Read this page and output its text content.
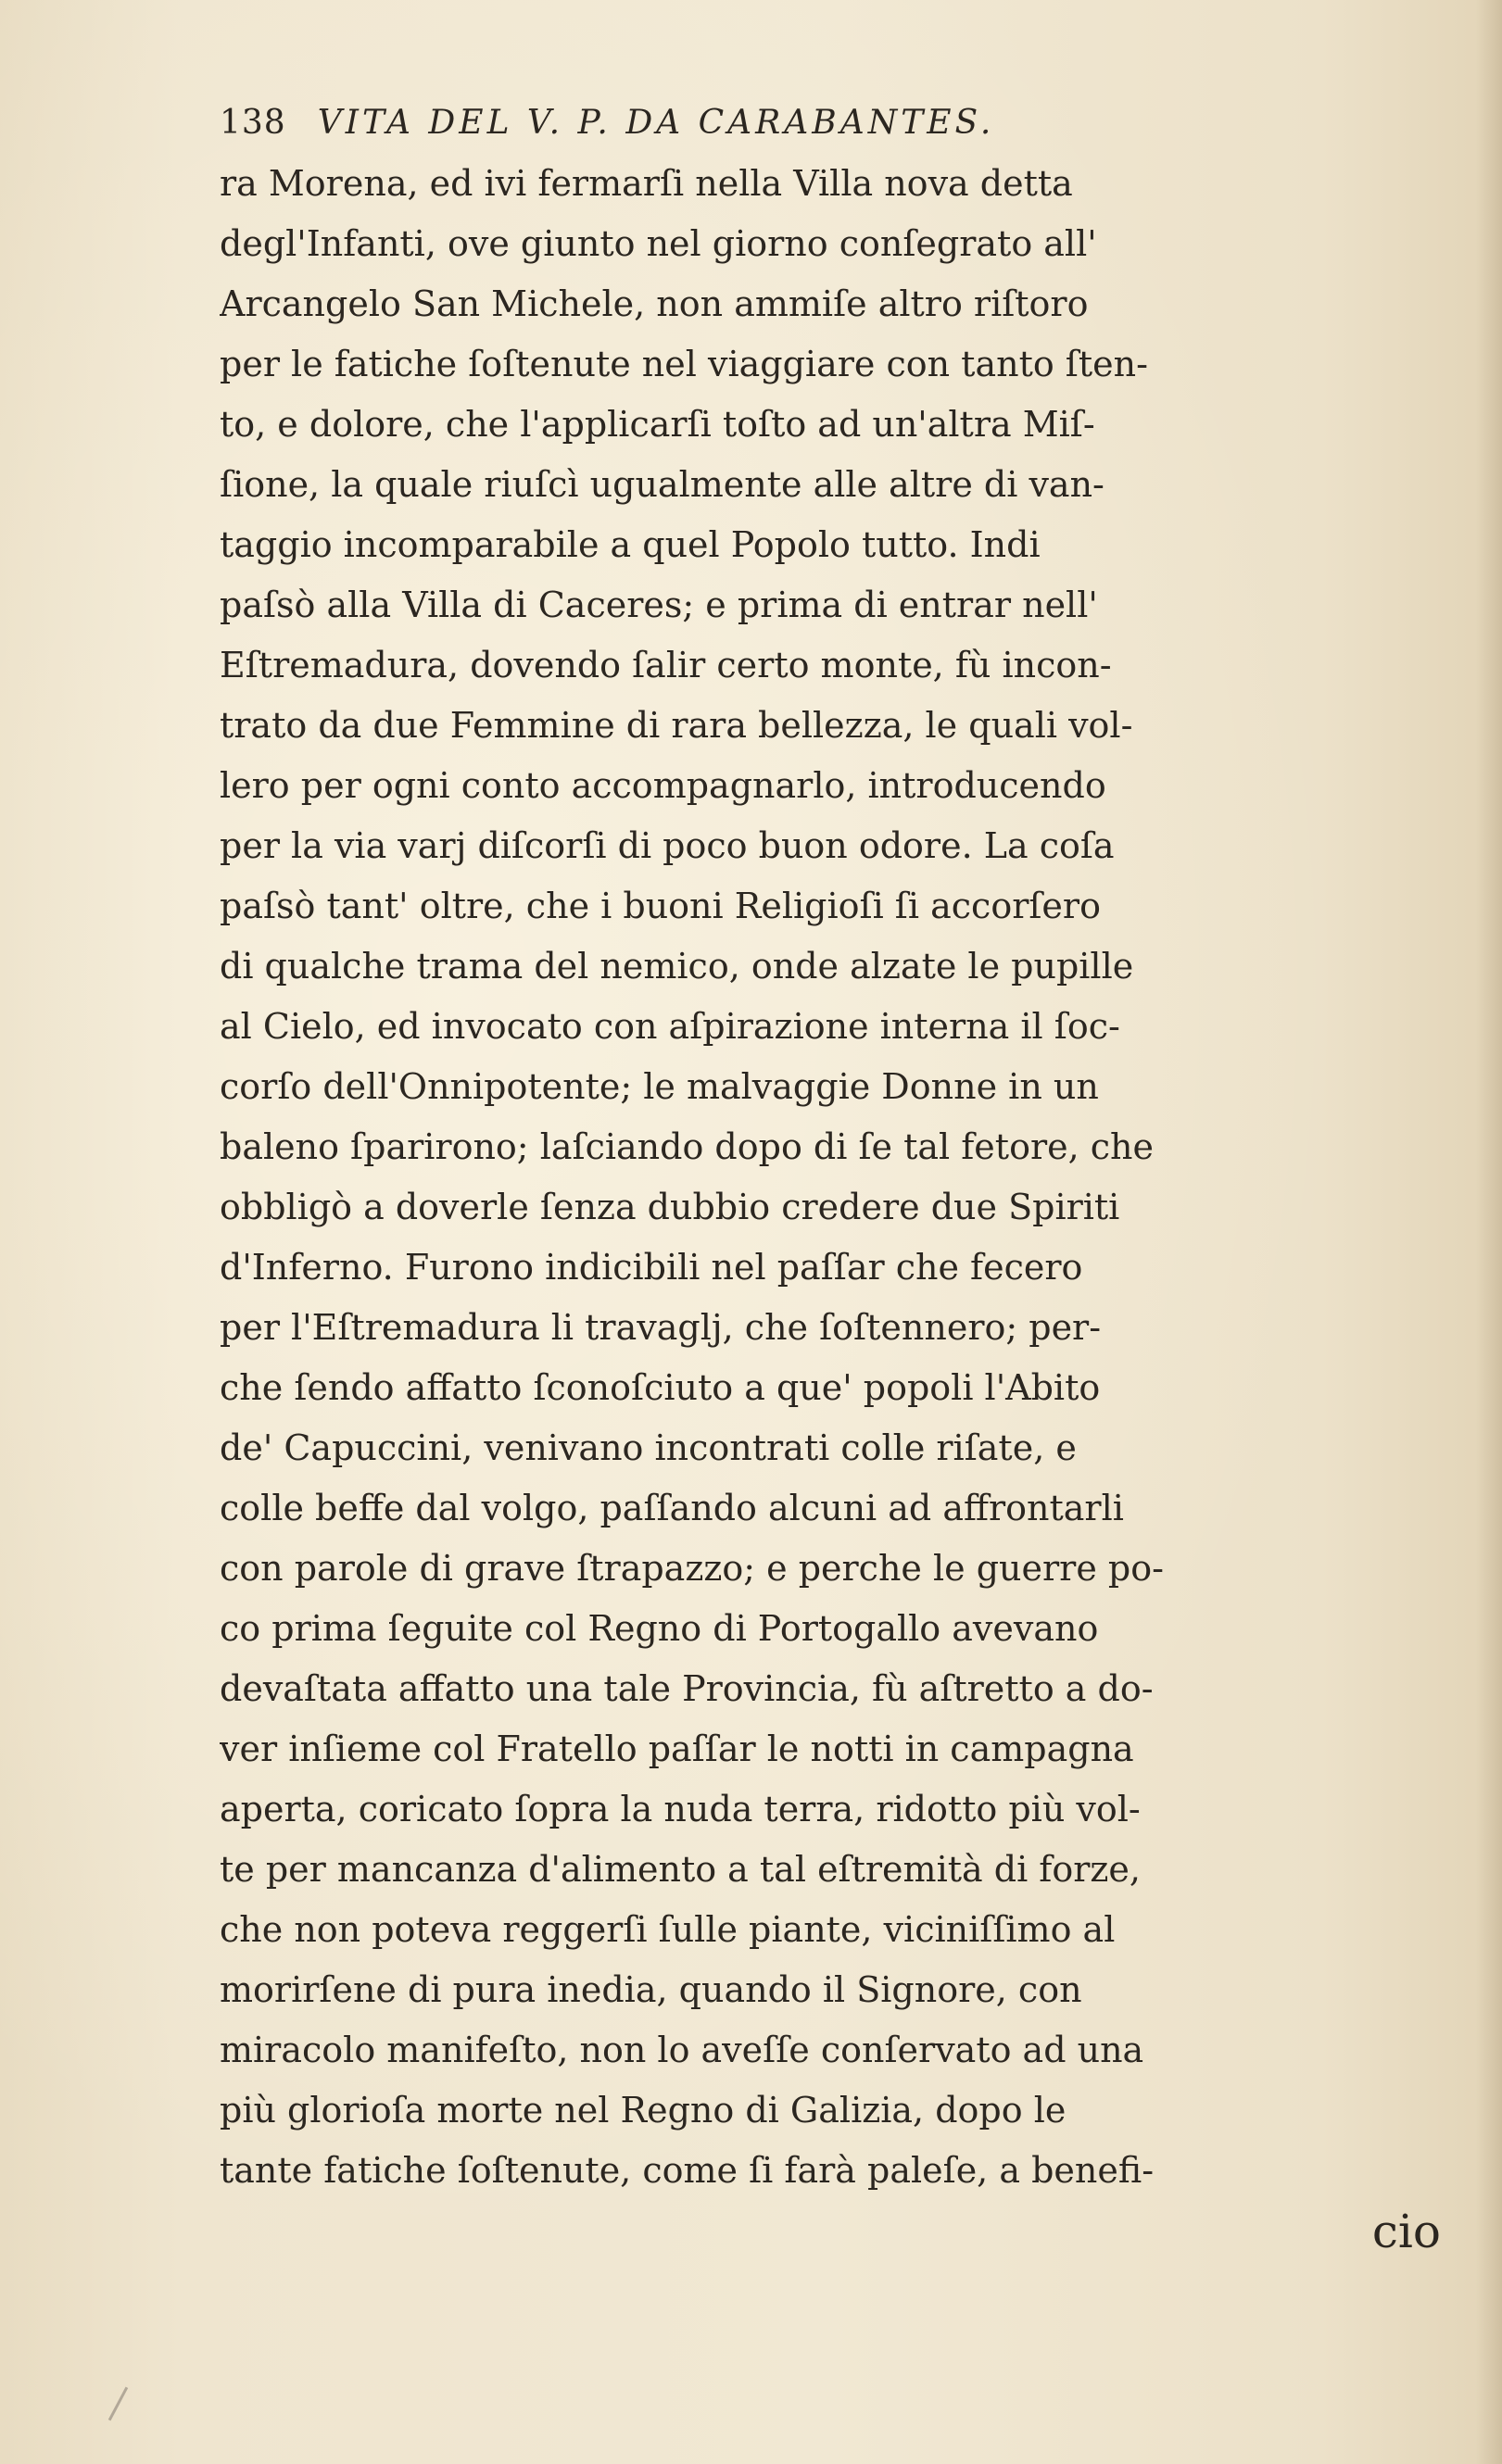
138 VITA DEL V. P. DA CARABANTES.
ra Morena, ed ivi fermarſi nella Villa nova detta
degl'Infanti, ove giunto nel giorno conſegrato all'
Arcangelo San Michele, non ammiſe altro riſtoro
per le fatiche ſoſtenute nel viaggiare con tanto ſten-
to, e dolore, che l'applicarſi toſto ad un'altra Miſ-
ſione, la quale riuſcì ugualmente alle altre di van-
taggio incomparabile a quel Popolo tutto. Indi
paſsò alla Villa di Caceres; e prima di entrar nell'
Eſtremadura, dovendo ſalir certo monte, fù incon-
trato da due Femmine di rara bellezza, le quali vol-
lero per ogni conto accompagnarlo, introducendo
per la via varj diſcorſi di poco buon odore. La coſa
paſsò tant' oltre, che i buoni Religioſi ſi accorſero
di qualche trama del nemico, onde alzate le pupille
al Cielo, ed invocato con aſpirazione interna il ſoc-
corſo dell'Onnipotente; le malvaggie Donne in un
baleno ſparirono; laſciando dopo di ſe tal fetore, che
obbligò a doverle ſenza dubbio credere due Spiriti
d'Inferno. Furono indicibili nel paſſar che fecero
per l'Eſtremadura li travaglj, che ſoſtennero; per-
che ſendo affatto ſconoſciuto a que' popoli l'Abito
de' Capuccini, venivano incontrati colle riſate, e
colle beffe dal volgo, paſſando alcuni ad affrontarli
con parole di grave ſtrapazzo; e perche le guerre po-
co prima ſeguite col Regno di Portogallo avevano
devaſtata affatto una tale Provincia, fù aſtretto a do-
ver inſieme col Fratello paſſar le notti in campagna
aperta, coricato ſopra la nuda terra, ridotto più vol-
te per mancanza d'alimento a tal eſtremità di forze,
che non poteva reggerſi ſulle piante, viciniſſimo al
morirſene di pura inedia, quando il Signore, con
miracolo manifeſto, non lo aveſſe conſervato ad una
più glorioſa morte nel Regno di Galizia, dopo le
tante fatiche ſoſtenute, come ſi farà paleſe, a benefi-
cio
